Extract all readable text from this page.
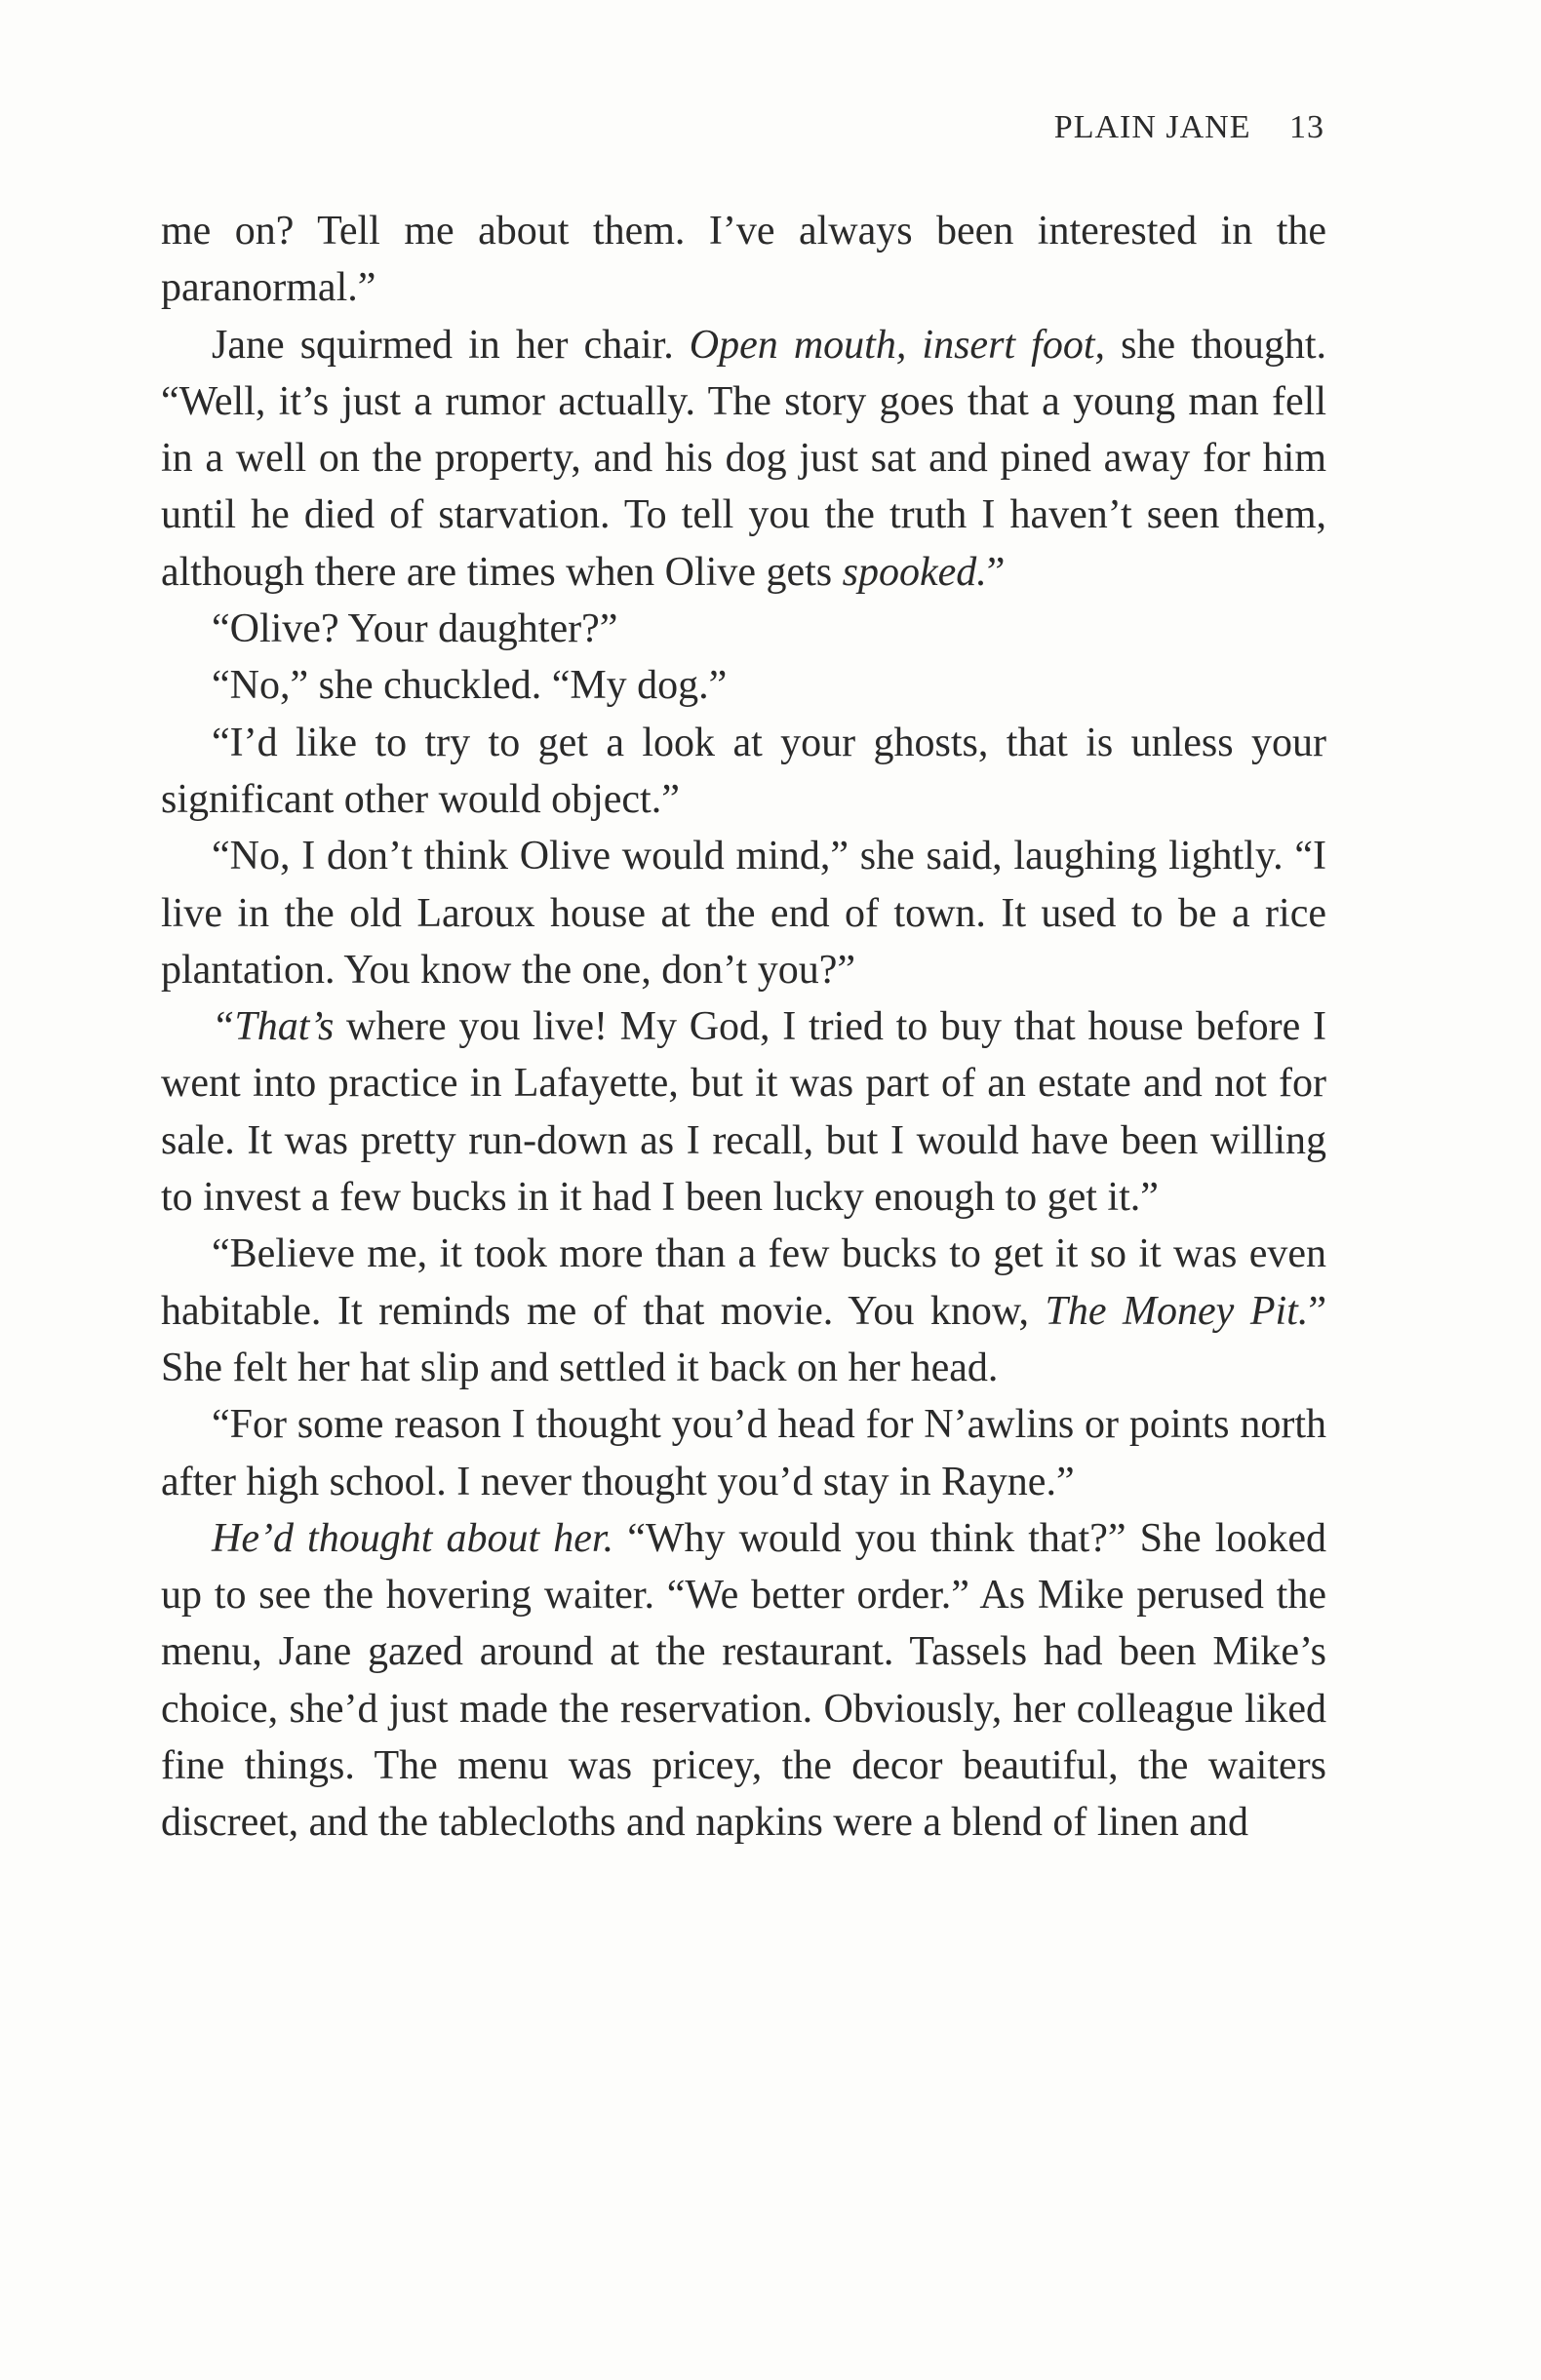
PLAIN JANE 13

me on? Tell me about them. I’ve always been interested in the paranormal.”

Jane squirmed in her chair. Open mouth, insert foot, she thought. “Well, it’s just a rumor actually. The story goes that a young man fell in a well on the property, and his dog just sat and pined away for him until he died of starvation. To tell you the truth I haven’t seen them, although there are times when Olive gets spooked.”

“Olive? Your daughter?”

“No,” she chuckled. “My dog.”

“I’d like to try to get a look at your ghosts, that is unless your significant other would object.”

“No, I don’t think Olive would mind,” she said, laughing lightly. “I live in the old Laroux house at the end of town. It used to be a rice plantation. You know the one, don’t you?”

“That’s where you live! My God, I tried to buy that house before I went into practice in Lafayette, but it was part of an estate and not for sale. It was pretty run-down as I recall, but I would have been willing to invest a few bucks in it had I been lucky enough to get it.”

“Believe me, it took more than a few bucks to get it so it was even habitable. It reminds me of that movie. You know, The Money Pit.” She felt her hat slip and settled it back on her head.

“For some reason I thought you’d head for N’awlins or points north after high school. I never thought you’d stay in Rayne.”

He’d thought about her. “Why would you think that?” She looked up to see the hovering waiter. “We better order.” As Mike perused the menu, Jane gazed around at the restaurant. Tassels had been Mike’s choice, she’d just made the reservation. Obviously, her colleague liked fine things. The menu was pricey, the decor beautiful, the waiters discreet, and the tablecloths and napkins were a blend of linen and
